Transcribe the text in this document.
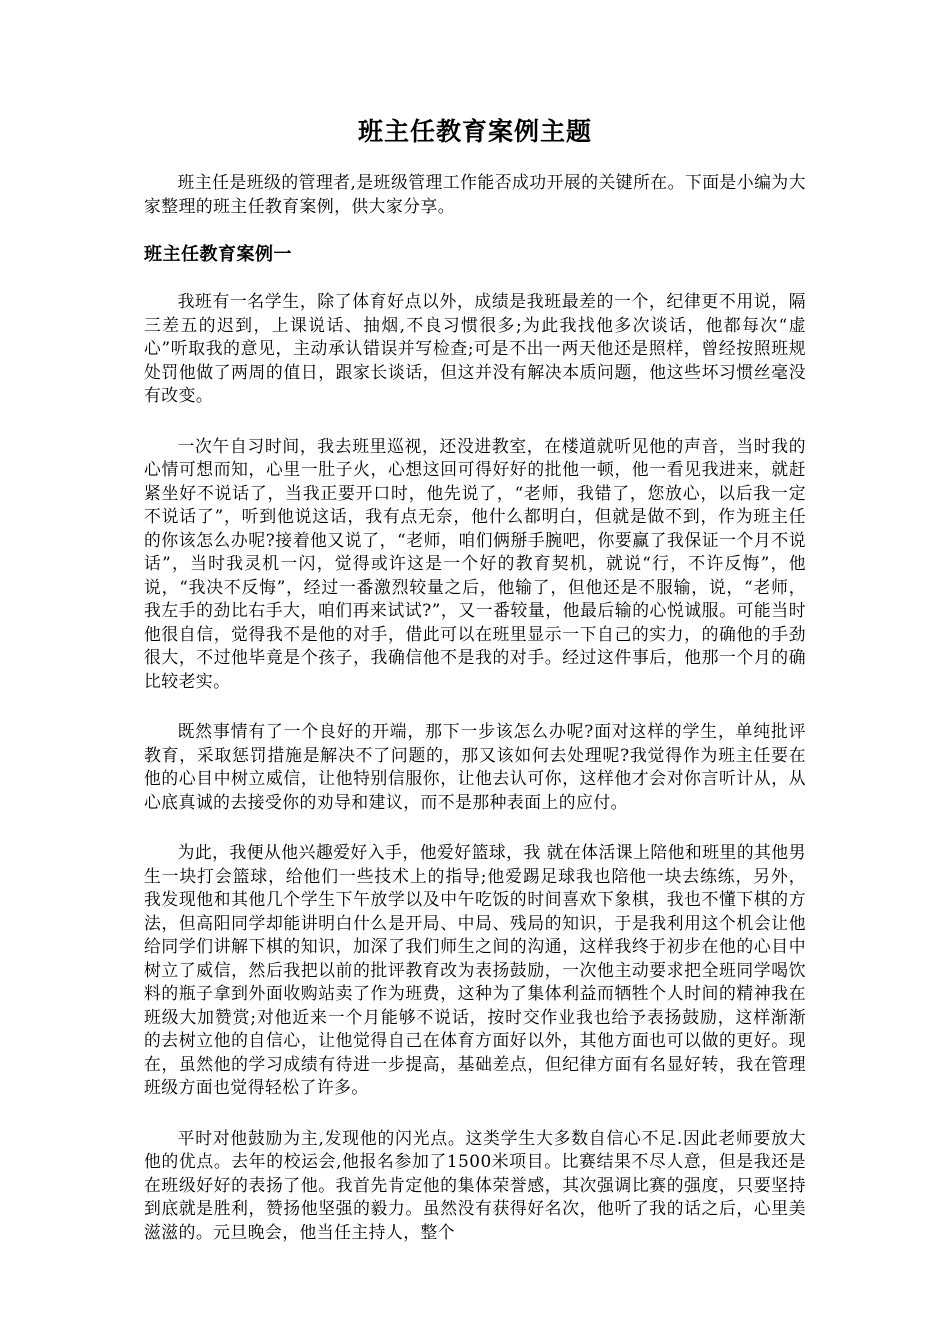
班主任教育案例主题

班主任是班级的管理者,是班级管理工作能否成功开展的关键所在。下面是小编为大家整理的班主任教育案例，供大家分享。

班主任教育案例一

我班有一名学生，除了体育好点以外，成绩是我班最差的一个，纪律更不用说，隔三差五的迟到，上课说话、抽烟,不良习惯很多;为此我找他多次谈话，他都每次“虚心”听取我的意见，主动承认错误并写检查;可是不出一两天他还是照样，曾经按照班规处罚他做了两周的值日，跟家长谈话，但这并没有解决本质问题，他这些坏习惯丝毫没有改变。

一次午自习时间，我去班里巡视，还没进教室，在楼道就听见他的声音，当时我的心情可想而知，心里一肚子火，心想这回可得好好的批他一顿，他一看见我进来，就赶紧坐好不说话了，当我正要开口时，他先说了，“老师，我错了，您放心，以后我一定不说话了”，听到他说这话，我有点无奈，他什么都明白，但就是做不到，作为班主任的你该怎么办呢?接着他又说了，“老师，咱们俩掰手腕吧，你要赢了我保证一个月不说话”，当时我灵机一闪，觉得或许这是一个好的教育契机，就说“行，不许反悔”，他说，“我决不反悔”，经过一番激烈较量之后，他输了，但他还是不服输，说，“老师，我左手的劲比右手大，咱们再来试试?”，又一番较量，他最后输的心悦诚服。可能当时他很自信，觉得我不是他的对手，借此可以在班里显示一下自己的实力，的确他的手劲很大，不过他毕竟是个孩子，我确信他不是我的对手。经过这件事后，他那一个月的确比较老实。

既然事情有了一个良好的开端，那下一步该怎么办呢?面对这样的学生，单纯批评教育，采取惩罚措施是解决不了问题的，那又该如何去处理呢?我觉得作为班主任要在他的心目中树立威信，让他特别信服你，让他去认可你，这样他才会对你言听计从，从心底真诚的去接受你的劝导和建议，而不是那种表面上的应付。

为此，我便从他兴趣爱好入手，他爱好篮球，我 就在体活课上陪他和班里的其他男生一块打会篮球，给他们一些技术上的指导;他爱踢足球我也陪他一块去练练，另外，我发现他和其他几个学生下午放学以及中午吃饭的时间喜欢下象棋，我也不懂下棋的方法，但高阳同学却能讲明白什么是开局、中局、残局的知识，于是我利用这个机会让他给同学们讲解下棋的知识，加深了我们师生之间的沟通，这样我终于初步在他的心目中树立了威信，然后我把以前的批评教育改为表扬鼓励，一次他主动要求把全班同学喝饮料的瓶子拿到外面收购站卖了作为班费，这种为了集体利益而牺牲个人时间的精神我在班级大加赞赏;对他近来一个月能够不说话，按时交作业我也给予表扬鼓励，这样渐渐的去树立他的自信心，让他觉得自己在体育方面好以外，其他方面也可以做的更好。现在，虽然他的学习成绩有待进一步提高，基础差点，但纪律方面有名显好转，我在管理班级方面也觉得轻松了许多。

平时对他鼓励为主,发现他的闪光点。这类学生大多数自信心不足.因此老师要放大他的优点。去年的校运会,他报名参加了1500米项目。比赛结果不尽人意，但是我还是在班级好好的表扬了他。我首先肯定他的集体荣誉感，其次强调比赛的强度，只要坚持到底就是胜利，赞扬他坚强的毅力。虽然没有获得好名次，他听了我的话之后，心里美滋滋的。元旦晚会，他当任主持人，整个
